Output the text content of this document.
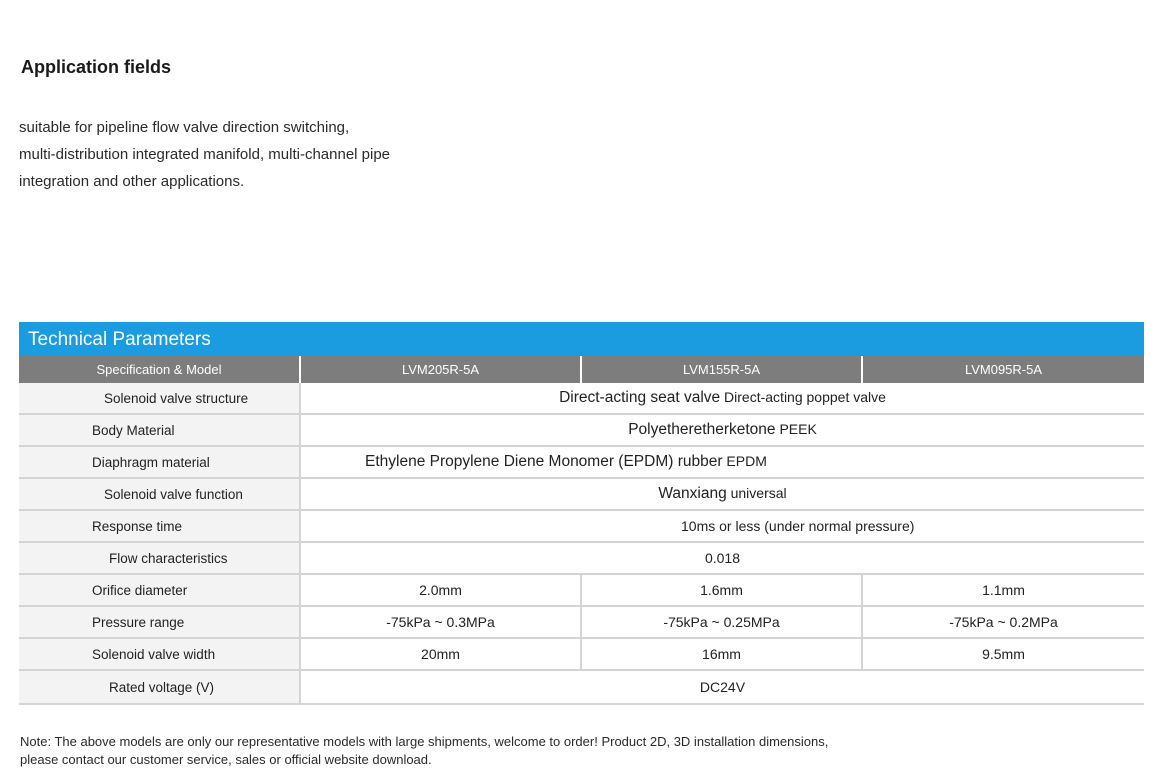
Application fields
suitable for pipeline flow valve direction switching,
multi-distribution integrated manifold, multi-channel pipe
integration and other applications.
Technical Parameters
Specification & Model	LVM205R-5A	LVM155R-5A	LVM095R-5A
Solenoid valve structure	Direct-acting seat valve Direct-acting poppet valve		
Body Material	Polyetheretherketone PEEK		
Diaphragm material	Ethylene Propylene Diene Monomer (EPDM) rubber EPDM		
Solenoid valve function	Wanxiang universal		
Response time	10ms or less (under normal pressure)		
Flow characteristics	0.018		
Orifice diameter	2.0mm	1.6mm	1.1mm
Pressure range	-75kPa ~ 0.3MPa	-75kPa ~ 0.25MPa	-75kPa ~ 0.2MPa
Solenoid valve width	20mm	16mm	9.5mm
Rated voltage (V)	DC24V		
Note: The above models are only our representative models with large shipments, welcome to order! Product 2D, 3D installation dimensions,
please contact our customer service, sales or official website download.
